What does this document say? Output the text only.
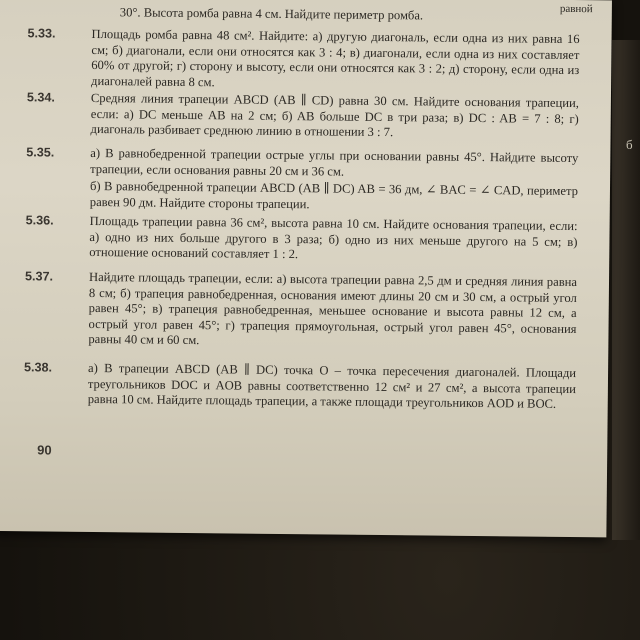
б
30°. Высота ромба равна 4 см. Найдите периметр ромба.	равной
5.33.	Площадь ромба равна 48 см². Найдите: а) другую диагональ, если одна из них равна 16 см; б) диагонали, если они относятся как 3 : 4; в) диагонали, если одна из них составляет 60% от другой; г) сторону и высоту, если они относятся как 3 : 2; д) сторону, если одна из диагоналей равна 8 см.
5.34.	Средняя линия трапеции ABCD (AB ∥ CD) равна 30 см. Найдите основания трапеции, если: а) DC меньше AB на 2 см; б) AB больше DC в три раза; в) DC : AB = 7 : 8; г) диагональ разбивает среднюю линию в отношении 3 : 7.
5.35.	а) В равнобедренной трапеции острые углы при основании равны 45°. Найдите высоту трапеции, если основания равны 20 см и 36 см.
б) В равнобедренной трапеции ABCD (AB ∥ DC) AB = 36 дм, ∠ BAC = ∠ CAD, периметр равен 90 дм. Найдите стороны трапеции.
5.36.	Площадь трапеции равна 36 см², высота равна 10 см. Найдите основания трапеции, если: а) одно из них больше другого в 3 раза; б) одно из них меньше другого на 5 см; в) отношение оснований составляет 1 : 2.
5.37.	Найдите площадь трапеции, если: а) высота трапеции равна 2,5 дм и средняя линия равна 8 см; б) трапеция равнобедренная, основания имеют длины 20 см и 30 см, а острый угол равен 45°; в) трапеция равнобедренная, меньшее основание и высота равны 12 см, а острый угол равен 45°; г) трапеция прямоугольная, острый угол равен 45°, основания равны 40 см и 60 см.
5.38.	а) В трапеции ABCD (AB ∥ DC) точка O – точка пересечения диагоналей. Площади треугольников DOC и AOB равны соответственно 12 см² и 27 см², а высота трапеции равна 10 см. Найдите площадь трапеции, а также площади треугольников AOD и BOC.
90
